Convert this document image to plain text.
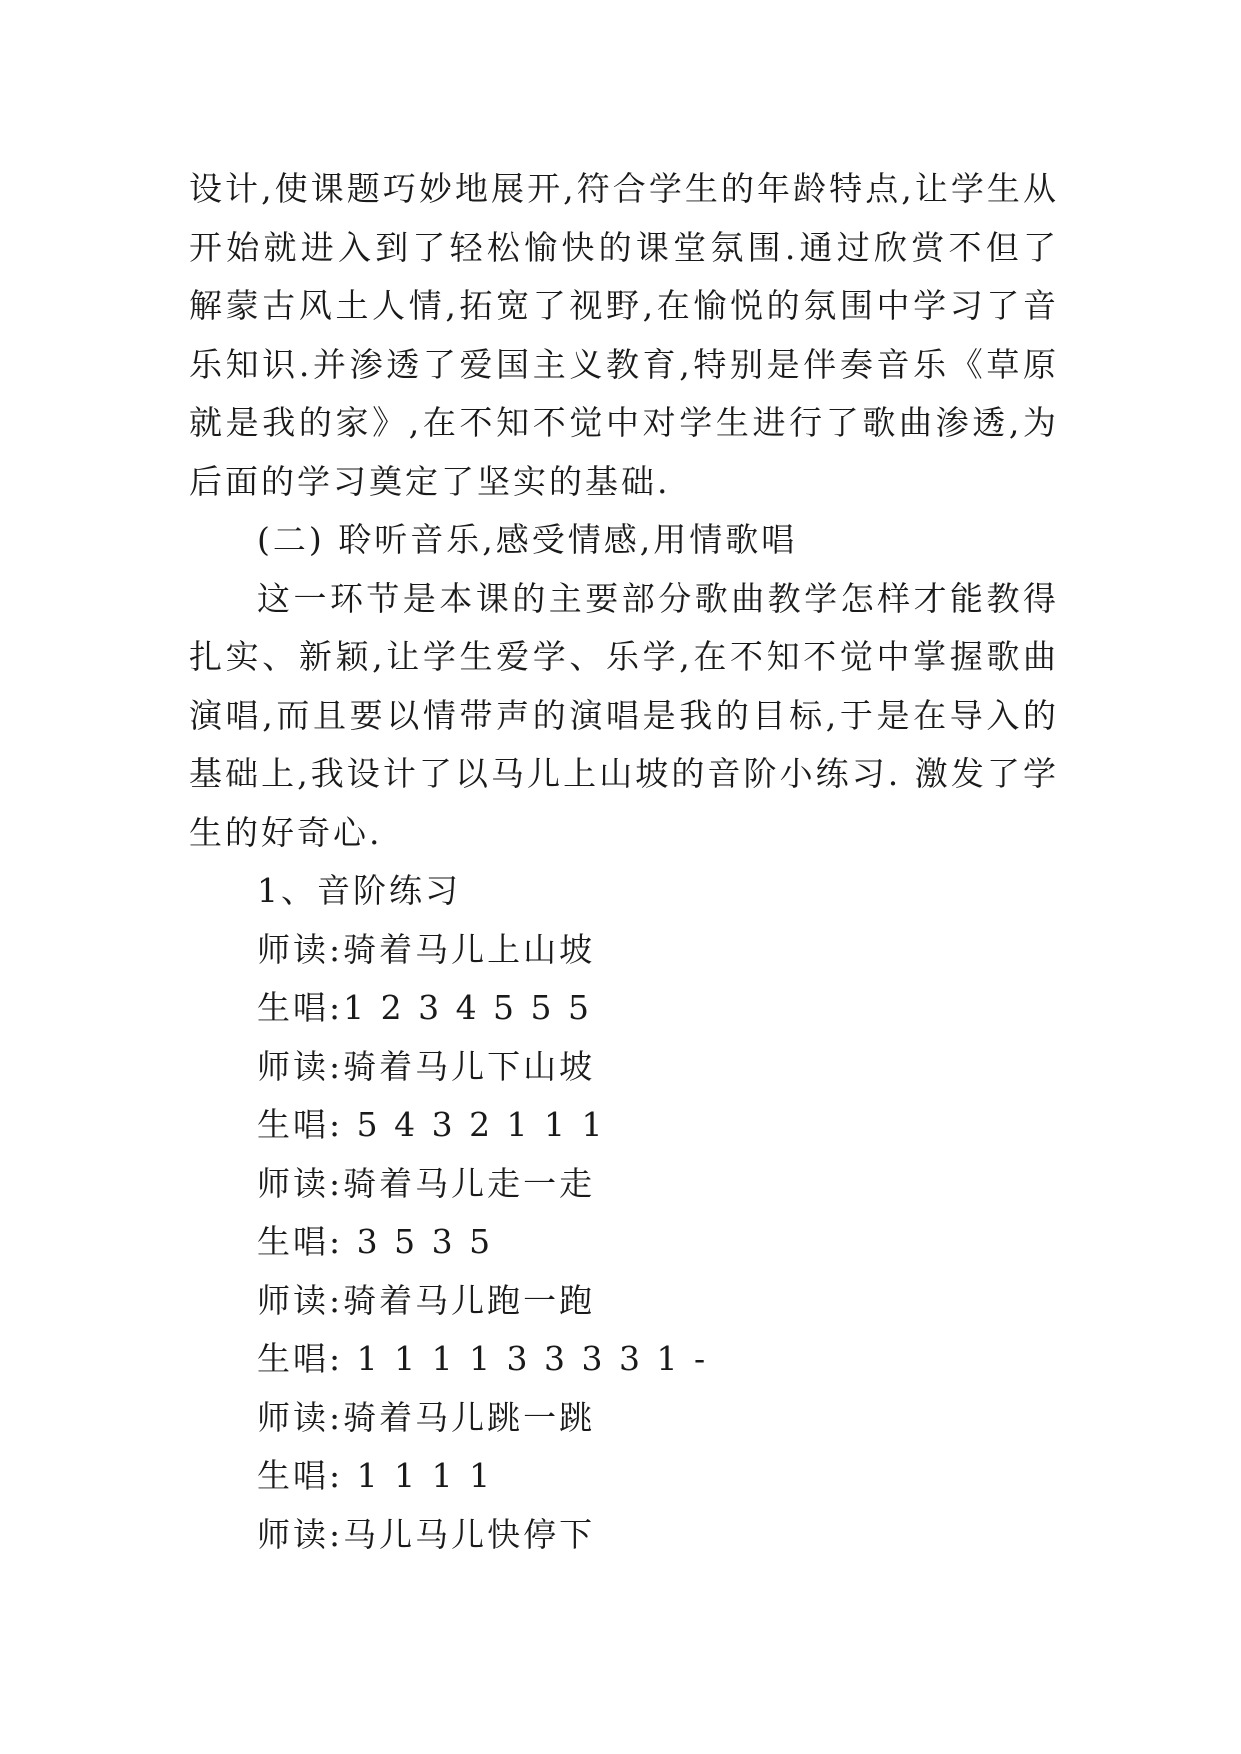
设计,使课题巧妙地展开,符合学生的年龄特点,让学生从开始就进入到了轻松愉快的课堂氛围.通过欣赏不但了解蒙古风土人情,拓宽了视野,在愉悦的氛围中学习了音乐知识.并渗透了爱国主义教育,特别是伴奏音乐《草原就是我的家》,在不知不觉中对学生进行了歌曲渗透,为后面的学习奠定了坚实的基础.

(二) 聆听音乐,感受情感,用情歌唱

这一环节是本课的主要部分歌曲教学怎样才能教得扎实、新颖,让学生爱学、乐学,在不知不觉中掌握歌曲演唱,而且要以情带声的演唱是我的目标,于是在导入的基础上,我设计了以马儿上山坡的音阶小练习. 激发了学生的好奇心.

1、音阶练习

师读:骑着马儿上山坡

生唱:1 2 3 4 5 5 5

师读:骑着马儿下山坡

生唱: 5 4 3 2 1 1 1

师读:骑着马儿走一走

生唱: 3 5 3 5

师读:骑着马儿跑一跑

生唱: 1 1 1 1 3 3 3 3 1 -

师读:骑着马儿跳一跳

生唱: 1 1 1 1

师读:马儿马儿快停下
